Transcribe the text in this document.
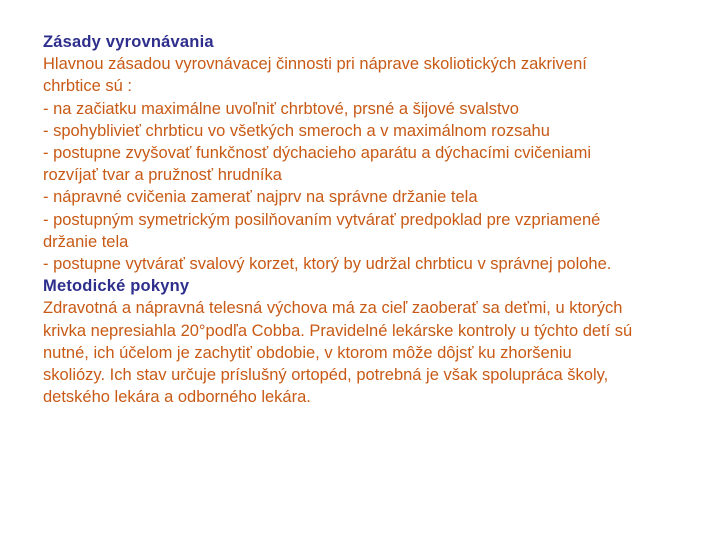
Zásady vyrovnávania
Hlavnou zásadou vyrovnávacej činnosti pri náprave skoliotických zakrivení
chrbtice sú :
- na začiatku maximálne uvoľniť chrbtové, prsné a šijové svalstvo
- spohyblivieť chrbticu vo všetkých smeroch a v maximálnom rozsahu
- postupne zvyšovať funkčnosť dýchacieho aparátu a dýchacími cvičeniami
rozvíjať tvar a pružnosť hrudníka
- nápravné cvičenia zamerať najprv na správne držanie tela
- postupným symetrickým posilňovaním vytvárať predpoklad pre vzpriamené
držanie tela
- postupne vytvárať svalový korzet, ktorý by udržal chrbticu v správnej polohe.
Metodické pokyny
Zdravotná a nápravná telesná výchova má za cieľ zaoberať sa deťmi, u ktorých
krivka nepresiahla 20°podľa Cobba. Pravidelné lekárske kontroly u týchto detí sú
nutné, ich účelom je zachytiť obdobie, v ktorom môže dôjsť ku zhoršeniu
skoliózy. Ich stav určuje príslušný ortopéd, potrebná je však spolupráca školy,
detského lekára a odborného lekára.
